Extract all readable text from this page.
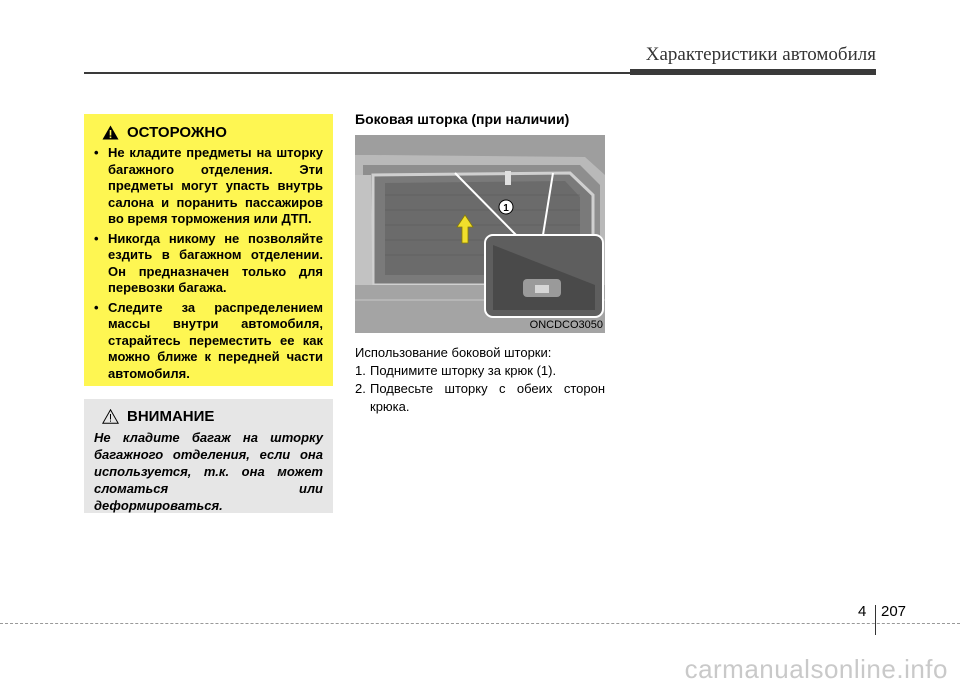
Характеристики автомобиля
ОСТОРОЖНО
• Не кладите предметы на шторку багажного отделения. Эти предметы могут упасть внутрь салона и поранить пассажиров во время торможения или ДТП.
• Никогда никому не позволяйте ездить в багажном отделении. Он предназначен только для перевозки багажа.
• Следите за распределением массы внутри автомобиля, старайтесь переместить ее как можно ближе к передней части автомобиля.
ВНИМАНИЕ

Не кладите багаж на шторку багажного отделения, если она используется, т.к. она может сломаться или деформироваться.

Боковая шторка (при наличии)
1
ONCDCO3050

Использование боковой шторки:

1. Поднимите шторку за крюк (1).
2. Подвесьте шторку с обеих сторон крюка.
4 207
carmanualsonline.info
